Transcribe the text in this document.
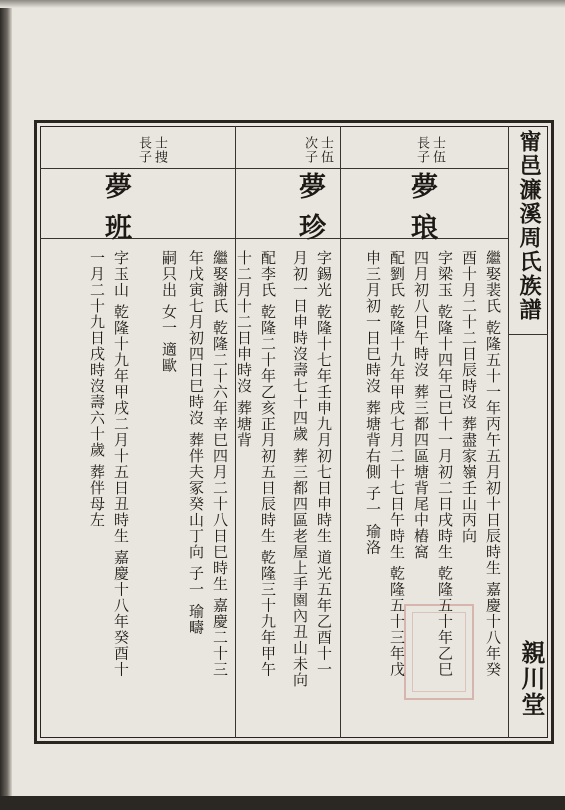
甯邑濂溪周氏族譜
親川堂
士伍
長子
夢琅
士伍
次子
夢珍
士捜
長子
夢班
繼娶裴氏 乾隆五十一年丙午五月初十日辰時生 嘉慶十八年癸
酉十月二十二日辰時沒 葬盡家嶺壬山丙向
字梁玉 乾隆十四年己巳十一月初二日戌時生 乾隆五十年乙巳
四月初八日午時沒 葬三都四區塘背尾中樁窩
配劉氏 乾隆十九年甲戌七月二十七日午時生 乾隆五十三年戊
申三月初一日巳時沒 葬塘背右側 子一 瑜洛
字錫光 乾隆十七年壬申九月初七日申時生 道光五年乙酉十一
月初一日申時沒壽七十四歲 葬三都四區老屋上手園內丑山未向
配李氏 乾隆二十年乙亥正月初五日辰時生 乾隆三十九年甲午
十二月十二日申時沒 葬塘背
繼娶謝氏 乾隆二十六年辛巳四月二十八日巳時生 嘉慶二十三
年戊寅七月初四日巳時沒 葬伴夫冢癸山丁向 子一 瑜疇
嗣只出 女一 適歐
字玉山 乾隆十九年甲戌二月十五日丑時生 嘉慶十八年癸酉十
一月二十九日戌時沒壽六十歲 葬伴母左
